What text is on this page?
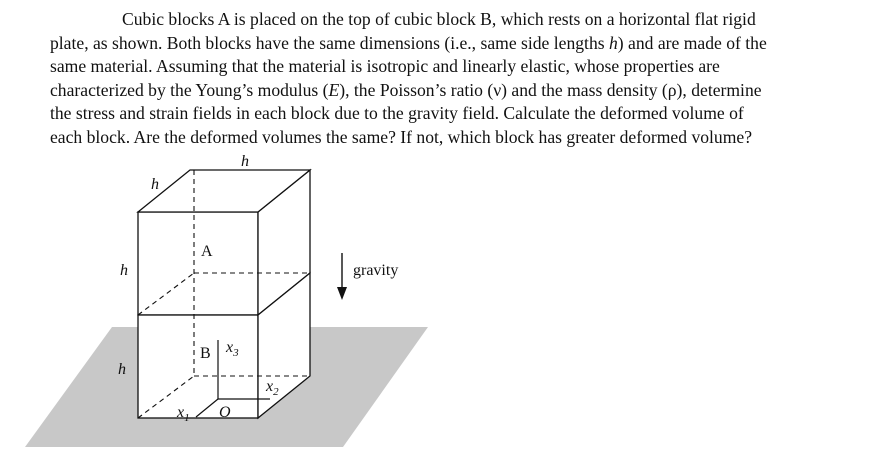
Cubic blocks A is placed on the top of cubic block B, which rests on a horizontal flat rigid
plate, as shown. Both blocks have the same dimensions (i.e., same side lengths h) and are made of the
same material. Assuming that the material is isotropic and linearly elastic, whose properties are
characterized by the Young’s modulus (E), the Poisson’s ratio (ν) and the mass density (ρ), determine
the stress and strain fields in each block due to the gravity field. Calculate the deformed volume of
each block. Are the deformed volumes the same? If not, which block has greater deformed volume?
h
h
h
h
A
B $x_3$
$x_2$
$x_1$ O
gravity
